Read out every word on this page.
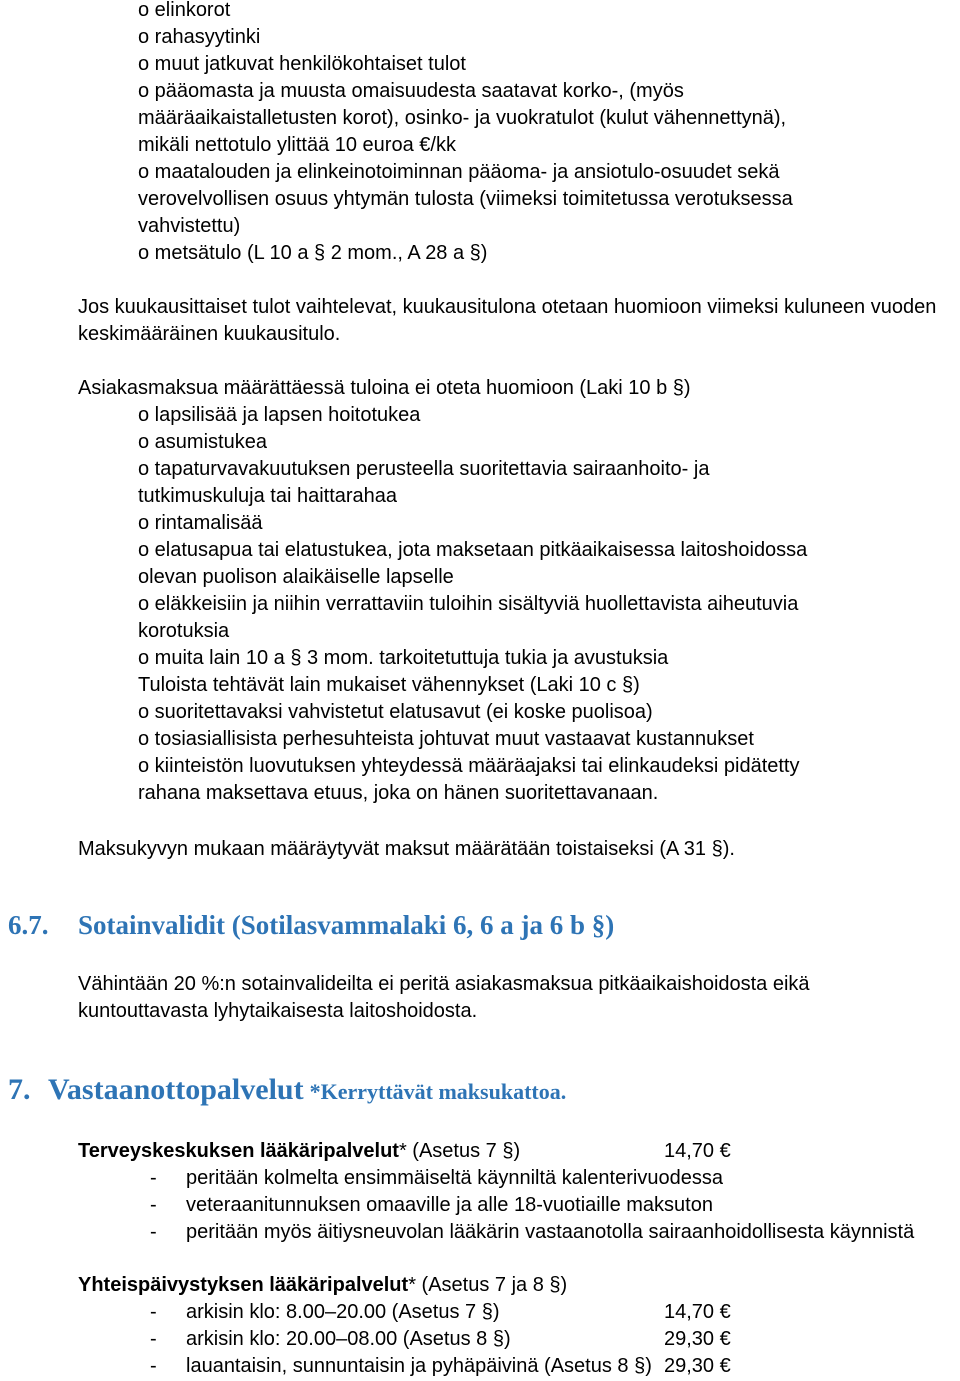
o elinkorot
o rahasyytinki
o muut jatkuvat henkilökohtaiset tulot
o pääomasta ja muusta omaisuudesta saatavat korko-, (myös
määräaikaistalletusten korot), osinko- ja vuokratulot (kulut vähennettynä),
mikäli nettotulo ylittää 10 euroa €/kk
o maatalouden ja elinkeinotoiminnan pääoma- ja ansiotulo-osuudet sekä
verovelvollisen osuus yhtymän tulosta (viimeksi toimitetussa verotuksessa
vahvistettu)
o metsätulo (L 10 a § 2 mom., A 28 a §)
Jos kuukausittaiset tulot vaihtelevat, kuukausitulona otetaan huomioon viimeksi kuluneen vuoden
keskimääräinen kuukausitulo.
Asiakasmaksua määrättäessä tuloina ei oteta huomioon (Laki 10 b §)
o lapsilisää ja lapsen hoitotukea
o asumistukea
o tapaturvavakuutuksen perusteella suoritettavia sairaanhoito- ja
tutkimuskuluja tai haittarahaa
o rintamalisää
o elatusapua tai elatustukea, jota maksetaan pitkäaikaisessa laitoshoidossa
olevan puolison alaikäiselle lapselle
o eläkkeisiin ja niihin verrattaviin tuloihin sisältyviä huollettavista aiheutuvia
korotuksia
o muita lain 10 a § 3 mom. tarkoitetuttuja tukia ja avustuksia
Tuloista tehtävät lain mukaiset vähennykset (Laki 10 c §)
o suoritettavaksi vahvistetut elatusavut (ei koske puolisoa)
o tosiasiallisista perhesuhteista johtuvat muut vastaavat kustannukset
o kiinteistön luovutuksen yhteydessä määräajaksi tai elinkaudeksi pidätetty
rahana maksettava etuus, joka on hänen suoritettavanaan.
Maksukyvyn mukaan määräytyvät maksut määrätään toistaiseksi (A 31 §).
6.7. Sotainvalidit (Sotilasvammalaki 6, 6 a ja 6 b §)
Vähintään 20 %:n sotainvalideilta ei peritä asiakasmaksua pitkäaikaishoidosta eikä
kuntouttavasta lyhytaikaisesta laitoshoidosta.
7. Vastaanottopalvelut *Kerryttävät maksukattoa.
Terveyskeskuksen lääkäripalvelut* (Asetus 7 §)	14,70 €
- peritään kolmelta ensimmäiseltä käynniltä kalenterivuodessa
- veteraanitunnuksen omaaville ja alle 18-vuotiaille maksuton
- peritään myös äitiysneuvolan lääkärin vastaanotolla sairaanhoidollisesta käynnistä
Yhteispäivystyksen lääkäripalvelut* (Asetus 7 ja 8 §)
- arkisin klo: 8.00–20.00 (Asetus 7 §)	14,70 €
- arkisin klo: 20.00–08.00 (Asetus 8 §)	29,30 €
- lauantaisin, sunnuntaisin ja pyhäpäivinä (Asetus 8 §) 29,30 €
